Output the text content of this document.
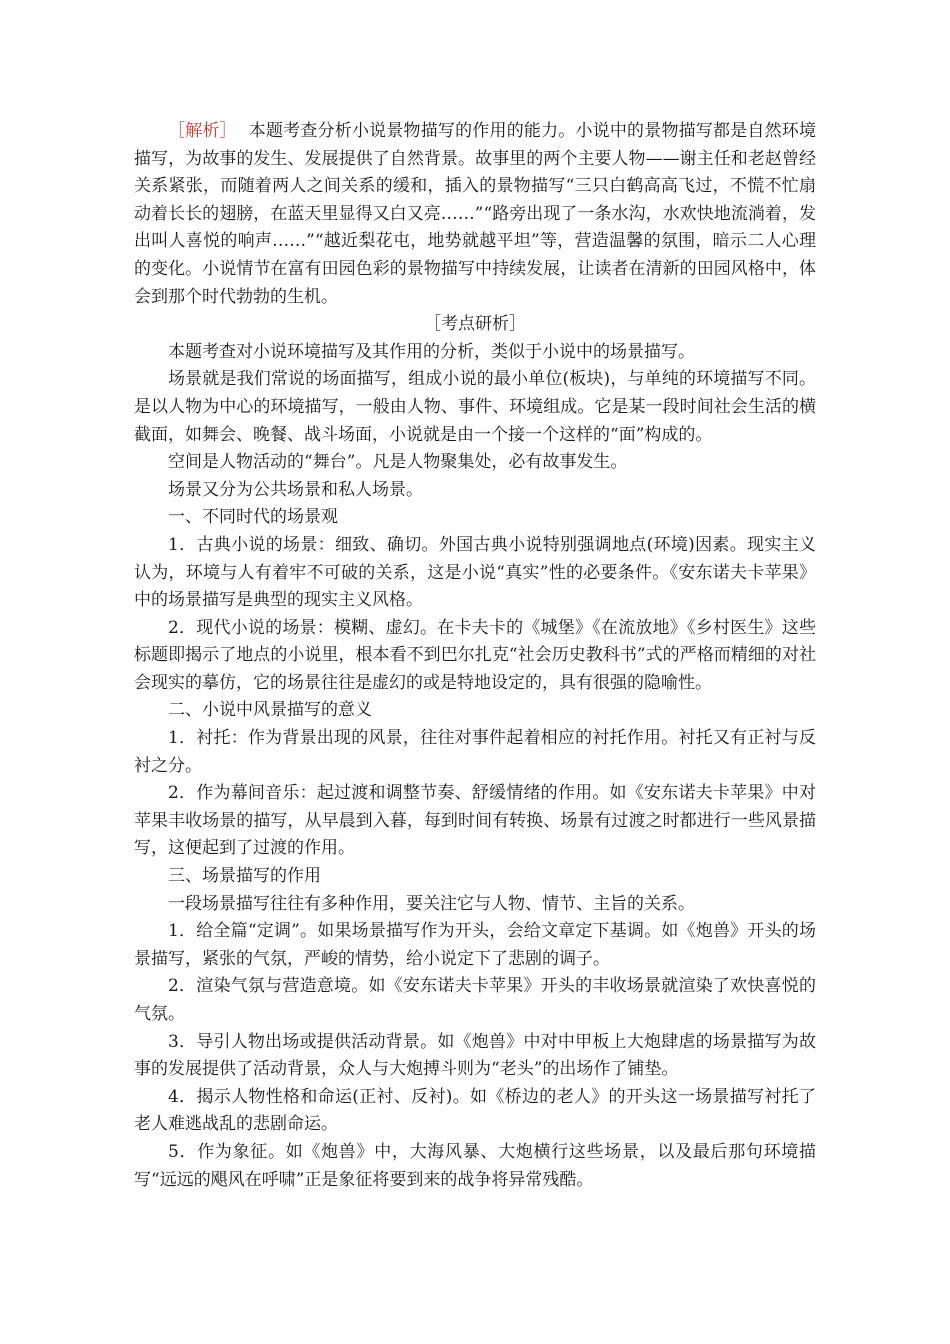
［解析］ 本题考查分析小说景物描写的作用的能力。小说中的景物描写都是自然环境描写，为故事的发生、发展提供了自然背景。故事里的两个主要人物——谢主任和老赵曾经关系紧张，而随着两人之间关系的缓和，插入的景物描写“三只白鹤高高飞过，不慌不忙扇动着长长的翅膀，在蓝天里显得又白又亮……”“路旁出现了一条水沟，水欢快地流淌着，发出叫人喜悦的响声……”“越近梨花屯，地势就越平坦”等，营造温馨的氛围，暗示二人心理的变化。小说情节在富有田园色彩的景物描写中持续发展，让读者在清新的田园风格中，体会到那个时代勃勃的生机。

［考点研析］

本题考查对小说环境描写及其作用的分析，类似于小说中的场景描写。

场景就是我们常说的场面描写，组成小说的最小单位(板块)，与单纯的环境描写不同。是以人物为中心的环境描写，一般由人物、事件、环境组成。它是某一段时间社会生活的横截面，如舞会、晚餐、战斗场面，小说就是由一个接一个这样的“面”构成的。

空间是人物活动的“舞台”。凡是人物聚集处，必有故事发生。

场景又分为公共场景和私人场景。

一、不同时代的场景观

1．古典小说的场景：细致、确切。外国古典小说特别强调地点(环境)因素。现实主义认为，环境与人有着牢不可破的关系，这是小说“真实”性的必要条件。《安东诺夫卡苹果》中的场景描写是典型的现实主义风格。

2．现代小说的场景：模糊、虚幻。在卡夫卡的《城堡》《在流放地》《乡村医生》这些标题即揭示了地点的小说里，根本看不到巴尔扎克“社会历史教科书”式的严格而精细的对社会现实的摹仿，它的场景往往是虚幻的或是特地设定的，具有很强的隐喻性。

二、小说中风景描写的意义

1．衬托：作为背景出现的风景，往往对事件起着相应的衬托作用。衬托又有正衬与反衬之分。

2．作为幕间音乐：起过渡和调整节奏、舒缓情绪的作用。如《安东诺夫卡苹果》中对苹果丰收场景的描写，从早晨到入暮，每到时间有转换、场景有过渡之时都进行一些风景描写，这便起到了过渡的作用。

三、场景描写的作用

一段场景描写往往有多种作用，要关注它与人物、情节、主旨的关系。

1．给全篇“定调”。如果场景描写作为开头，会给文章定下基调。如《炮兽》开头的场景描写，紧张的气氛，严峻的情势，给小说定下了悲剧的调子。

2．渲染气氛与营造意境。如《安东诺夫卡苹果》开头的丰收场景就渲染了欢快喜悦的气氛。

3．导引人物出场或提供活动背景。如《炮兽》中对中甲板上大炮肆虐的场景描写为故事的发展提供了活动背景，众人与大炮搏斗则为“老头”的出场作了铺垫。

4．揭示人物性格和命运(正衬、反衬)。如《桥边的老人》的开头这一场景描写衬托了老人难逃战乱的悲剧命运。

5．作为象征。如《炮兽》中，大海风暴、大炮横行这些场景，以及最后那句环境描写“远远的飓风在呼啸”正是象征将要到来的战争将异常残酷。
